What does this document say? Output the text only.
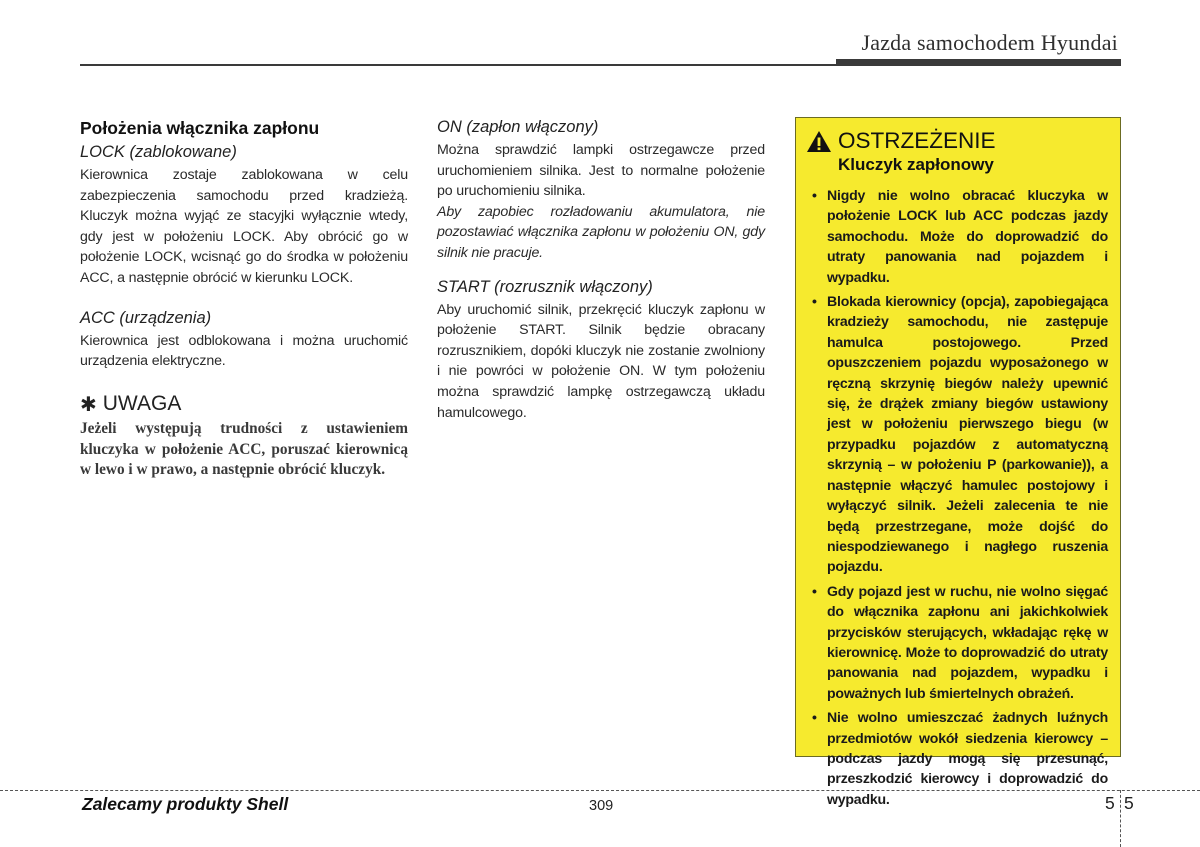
Jazda samochodem Hyundai
Położenia włącznika zapłonu
LOCK (zablokowane)
Kierownica zostaje zablokowana w celu zabezpieczenia samochodu przed kradzieżą. Kluczyk można wyjąć ze stacyjki wyłącznie wtedy, gdy jest w położeniu LOCK. Aby obrócić go w położenie LOCK, wcisnąć go do środka w położeniu ACC, a następnie obrócić w kierunku LOCK.
ACC (urządzenia)
Kierownica jest odblokowana i można uruchomić urządzenia elektryczne.
✱ UWAGA
Jeżeli występują trudności z ustawieniem kluczyka w położenie ACC, poruszać kierownicą w lewo i w prawo, a następnie obrócić kluczyk.
ON (zapłon włączony)
Można sprawdzić lampki ostrzegawcze przed uruchomieniem silnika. Jest to normalne położenie po uruchomieniu silnika.
Aby zapobiec rozładowaniu akumulatora, nie pozostawiać włącznika zapłonu w położeniu ON, gdy silnik nie pracuje.
START (rozrusznik włączony)
Aby uruchomić silnik, przekręcić kluczyk zapłonu w położenie START. Silnik będzie obracany rozrusznikiem, dopóki kluczyk nie zostanie zwolniony i nie powróci w położenie ON. W tym położeniu można sprawdzić lampkę ostrzegawczą układu hamulcowego.
OSTRZEŻENIE
Kluczyk zapłonowy
• Nigdy nie wolno obracać kluczyka w położenie LOCK lub ACC podczas jazdy samochodu. Może do doprowadzić do utraty panowania nad pojazdem i wypadku.
• Blokada kierownicy (opcja), zapobiegająca kradzieży samochodu, nie zastępuje hamulca postojowego. Przed opuszczeniem pojazdu wyposażonego w ręczną skrzynię biegów należy upewnić się, że drążek zmiany biegów ustawiony jest w położeniu pierwszego biegu (w przypadku pojazdów z automatyczną skrzynią – w położeniu P (parkowanie)), a następnie włączyć hamulec postojowy i wyłączyć silnik. Jeżeli zalecenia te nie będą przestrzegane, może dojść do niespodziewanego i nagłego ruszenia pojazdu.
• Gdy pojazd jest w ruchu, nie wolno sięgać do włącznika zapłonu ani jakichkolwiek przycisków sterujących, wkładając rękę w kierownicę. Może to doprowadzić do utraty panowania nad pojazdem, wypadku i poważnych lub śmiertelnych obrażeń.
• Nie wolno umieszczać żadnych luźnych przedmiotów wokół siedzenia kierowcy – podczas jazdy mogą się przesunąć, przeszkodzić kierowcy i doprowadzić do wypadku.
Zalecamy produkty Shell	309	5 5
